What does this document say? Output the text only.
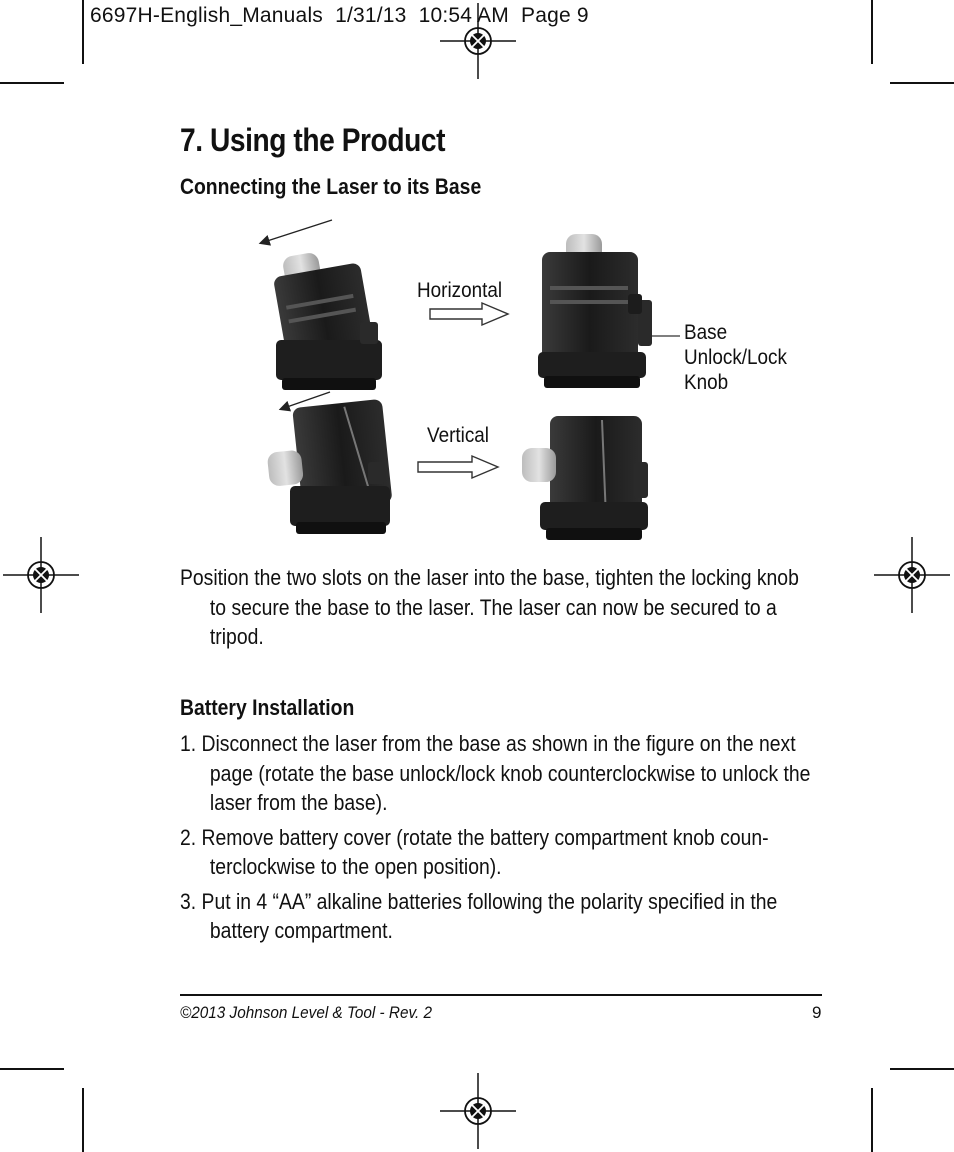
6697H-English_Manuals  1/31/13  10:54 AM  Page 9
7. Using the Product
Connecting the Laser to its Base
Horizontal
Vertical
Base
Unlock/Lock
Knob

Position the two slots on the laser into the base, tighten the locking knob to secure the base to the laser. The laser can now be secured to a tripod.

Battery Installation

1. Disconnect the laser from the base as shown in the figure on the next page (rotate the base unlock/lock knob counterclockwise to unlock the laser from the base).

2. Remove battery cover (rotate the battery compartment knob coun-terclockwise to the open position).

3. Put in 4 “AA” alkaline batteries following the polarity specified in the battery compartment.

©2013 Johnson Level & Tool - Rev. 2	9
